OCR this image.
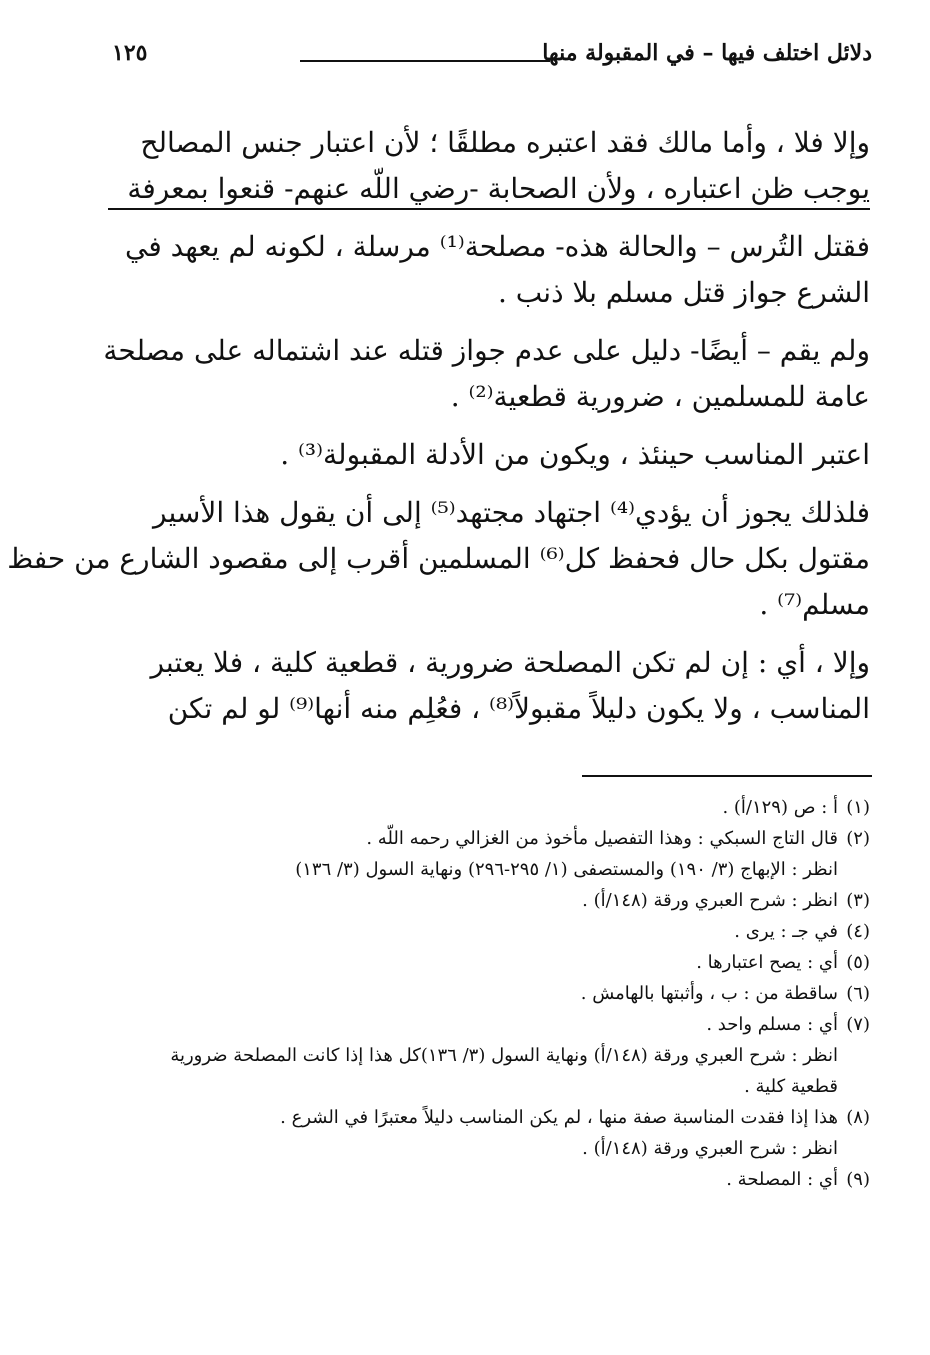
دلائل اختلف فيها – في المقبولة منها
١٢٥
وإلا فلا ، وأما مالك فقد اعتبره مطلقًا ؛ لأن اعتبار جنس المصالح
يوجب ظن اعتباره ، ولأن الصحابة -رضي اللّه عنهم- قنعوا بمعرفة
فقتل التُرس – والحالة هذه- مصلحة⁽¹⁾ مرسلة ، لكونه لم يعهد في
الشرع جواز قتل مسلم بلا ذنب .
ولم يقم – أيضًا- دليل على عدم جواز قتله عند اشتماله على مصلحة
عامة للمسلمين ، ضرورية قطعية⁽²⁾ .
اعتبر المناسب حينئذ ، ويكون من الأدلة المقبولة⁽³⁾ .
فلذلك يجوز أن يؤدي⁽⁴⁾ اجتهاد مجتهد⁽⁵⁾ إلى أن يقول هذا الأسير
مقتول بكل حال فحفظ كل⁽⁶⁾ المسلمين أقرب إلى مقصود الشارع من حفظ
مسلم⁽⁷⁾ .
وإلا ، أي : إن لم تكن المصلحة ضرورية ، قطعية كلية ، فلا يعتبر
المناسب ، ولا يكون دليلاً مقبولاً⁽⁸⁾ ، فعُلِم منه أنها⁽⁹⁾ لو لم تكن
(١)
أ : ص (١٢٩/أ) .
(٢)
قال التاج السبكي : وهذا التفصيل مأخوذ من الغزالي رحمه اللّه .
انظر : الإبهاج (٣/ ١٩٠) والمستصفى (١/ ٢٩٥-٢٩٦) ونهاية السول (٣/ ١٣٦)
(٣)
انظر : شرح العبري ورقة (١٤٨/أ) .
(٤)
في جـ : يرى .
(٥)
أي : يصح اعتبارها .
(٦)
ساقطة من : ب ، وأثبتها بالهامش .
(٧)
أي : مسلم واحد .
انظر : شرح العبري ورقة (١٤٨/أ) ونهاية السول (٣/ ١٣٦)كل هذا إذا كانت المصلحة ضرورية
قطعية كلية .
(٨)
هذا إذا فقدت المناسبة صفة منها ، لم يكن المناسب دليلاً معتبرًا في الشرع .
انظر : شرح العبري ورقة (١٤٨/أ) .
(٩)
أي : المصلحة .
